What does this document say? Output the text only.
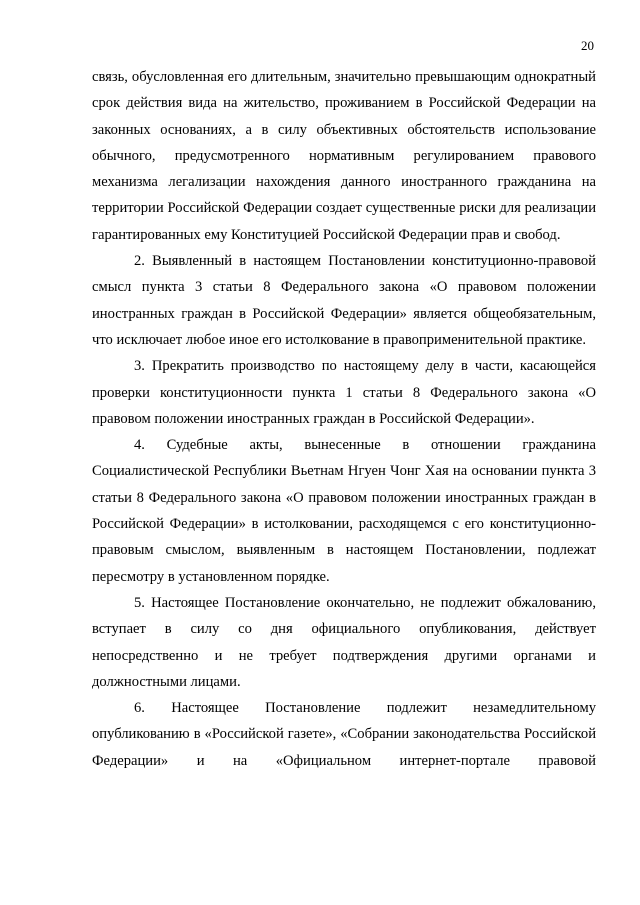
20

связь, обусловленная его длительным, значительно превышающим однократный срок действия вида на жительство, проживанием в Российской Федерации на законных основаниях, а в силу объективных обстоятельств использование обычного, предусмотренного нормативным регулированием правового механизма легализации нахождения данного иностранного гражданина на территории Российской Федерации создает существенные риски для реализации гарантированных ему Конституцией Российской Федерации прав и свобод.

2. Выявленный в настоящем Постановлении конституционно-правовой смысл пункта 3 статьи 8 Федерального закона «О правовом положении иностранных граждан в Российской Федерации» является общеобязательным, что исключает любое иное его истолкование в правоприменительной практике.

3. Прекратить производство по настоящему делу в части, касающейся проверки конституционности пункта 1 статьи 8 Федерального закона «О правовом положении иностранных граждан в Российской Федерации».

4. Судебные акты, вынесенные в отношении гражданина Социалистической Республики Вьетнам Нгуен Чонг Хая на основании пункта 3 статьи 8 Федерального закона «О правовом положении иностранных граждан в Российской Федерации» в истолковании, расходящемся с его конституционно-правовым смыслом, выявленным в настоящем Постановлении, подлежат пересмотру в установленном порядке.

5. Настоящее Постановление окончательно, не подлежит обжалованию, вступает в силу со дня официального опубликования, действует непосредственно и не требует подтверждения другими органами и должностными лицами.

6. Настоящее Постановление подлежит незамедлительному опубликованию в «Российской газете», «Собрании законодательства Российской Федерации» и на «Официальном интернет-портале правовой
